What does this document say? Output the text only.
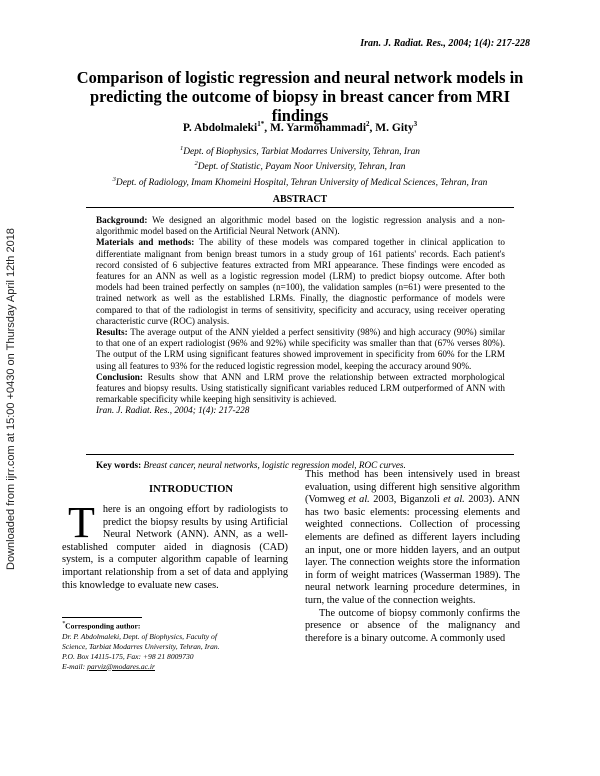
Downloaded from ijrr.com at 15:00 +0430 on Thursday April 12th 2018
Iran. J. Radiat. Res., 2004; 1(4): 217-228
Comparison of logistic regression and neural network models in
predicting the outcome of biopsy in breast cancer from MRI findings
P. Abdolmaleki$^{1*}$, M. Yarmohammadi$^2$, M. Gity$^3$
$^1$Dept. of Biophysics, Tarbiat Modarres University, Tehran, Iran
$^2$Dept. of Statistic, Payam Noor University, Tehran, Iran
$^3$Dept. of Radiology, Imam Khomeini Hospital, Tehran University of Medical Sciences, Tehran, Iran
ABSTRACT

Background: We designed an algorithmic model based on the logistic regression analysis and a non-algorithmic model based on the Artificial Neural Network (ANN).

Materials and methods: The ability of these models was compared together in clinical application to differentiate malignant from benign breast tumors in a study group of 161 patients' records. Each patient's record consisted of 6 subjective features extracted from MRI appearance. These findings were encoded as features for an ANN as well as a logistic regression model (LRM) to predict biopsy outcome. After both models had been trained perfectly on samples (n=100), the validation samples (n=61) were presented to the trained network as well as the established LRMs. Finally, the diagnostic performance of models were compared to that of the radiologist in terms of sensitivity, specificity and accuracy, using receiver operating characteristic curve (ROC) analysis.

Results: The average output of the ANN yielded a perfect sensitivity (98%) and high accuracy (90%) similar to that one of an expert radiologist (96% and 92%) while specificity was smaller than that (67% verses 80%). The output of the LRM using significant features showed improvement in specificity from 60% for the LRM using all features to 93% for the reduced logistic regression model, keeping the accuracy around 90%.

Conclusion: Results show that ANN and LRM prove the relationship between extracted morphological features and biopsy results. Using statistically significant variables reduced LRM outperformed of ANN with remarkable specificity while keeping high sensitivity is achieved.

Iran. J. Radiat. Res., 2004; 1(4): 217-228

Key words: Breast cancer, neural networks, logistic regression model, ROC curves.
INTRODUCTION
There is an ongoing effort by radiologists to predict the biopsy results by using Artificial Neural Network (ANN). ANN, as a well-established computer aided in diagnosis (CAD) system, is a computer algorithm capable of learning important relationship from a set of data and applying this knowledge to evaluate new cases.
*Corresponding author:
Dr. P. Abdolmaleki, Dept. of Biophysics, Faculty of
Science, Tarbiat Modarres University, Tehran, Iran.
P.O. Box 14115-175, Fax: +98 21 8009730
E-mail: parviz@modares.ac.ir

This method has been intensively used in breast evaluation, using different high sensitive algorithm (Vomweg et al. 2003, Biganzoli et al. 2003). ANN has two basic elements: processing elements and weighted connections. Collection of processing elements are defined as different layers including an input, one or more hidden layers, and an output layer. The connection weights store the information in form of weight matrices (Wasserman 1989). The neural network learning procedure determines, in turn, the value of the connection weights.

The outcome of biopsy commonly confirms the presence or absence of the malignancy and therefore is a binary outcome. A commonly used
